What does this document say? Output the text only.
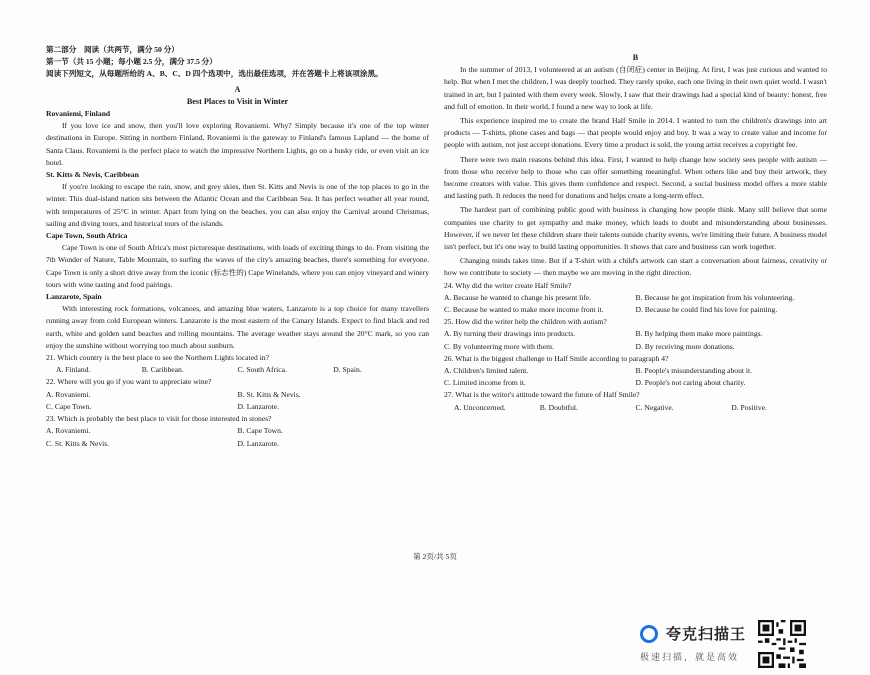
第二部分　阅读（共两节，满分 50 分）

第一节（共 15 小题；每小题 2.5 分，满分 37.5 分）

阅读下列短文，从每题所给的 A、B、C、D 四个选项中，选出最佳选项，并在答题卡上将该项涂黑。

A

Best Places to Visit in Winter

Rovaniemi, Finland

If you love ice and snow, then you'll love exploring Rovaniemi. Why? Simply because it's one of the top winter destinations in Europe. Sitting in northern Finland, Rovaniemi is the gateway to Finland's famous Lapland — the home of Santa Claus. Rovaniemi is the perfect place to watch the impressive Northern Lights, go on a husky ride, or even visit an ice hotel.

St. Kitts & Nevis, Caribbean

If you're looking to escape the rain, snow, and grey skies, then St. Kitts and Nevis is one of the top places to go in the winter. This dual-island nation sits between the Atlantic Ocean and the Caribbean Sea. It has perfect weather all year round, with temperatures of 25°C in winter. Apart from lying on the beaches, you can also enjoy the Carnival around Christmas, sailing and diving tours, and historical tours of the islands.

Cape Town, South Africa

Cape Town is one of South Africa's most picturesque destinations, with loads of exciting things to do. From visiting the 7th Wonder of Nature, Table Mountain, to surfing the waves of the city's amazing beaches, there's something for everyone. Cape Town is only a short drive away from the iconic (标志性的) Cape Winelands, where you can enjoy vineyard and winery tours with wine tasting and food pairings.

Lanzarote, Spain

With interesting rock formations, volcanoes, and amazing blue waters, Lanzarote is a top choice for many travellers running away from cold European winters. Lanzarote is the most eastern of the Canary Islands. Expect to find black and red earth, white and golden sand beaches and rolling mountains. The average weather stays around the 20°C mark, so you can enjoy the sunshine without worrying too much about sunburn.

21. Which country is the best place to see the Northern Lights located in?

A. Finland.	B. Caribbean.	C. South Africa.	D. Spain.

22. Where will you go if you want to appreciate wine?

A. Rovaniemi.	B. St. Kitts & Nevis.
C. Cape Town.	D. Lanzarote.

23. Which is probably the best place to visit for those interested in stones?

A. Rovaniemi.	B. Cape Town.
C. St. Kitts & Nevis.	D. Lanzarote.

B

In the summer of 2013, I volunteered at an autism (自闭症) center in Beijing. At first, I was just curious and wanted to help. But when I met the children, I was deeply touched. They rarely spoke, each one living in their own quiet world. I wasn't trained in art, but I painted with them every week. Slowly, I saw that their drawings had a special kind of beauty: honest, free and full of emotion. In their world, I found a new way to look at life.

This experience inspired me to create the brand Half Smile in 2014. I wanted to turn the children's drawings into art products — T-shirts, phone cases and bags — that people would enjoy and buy. It was a way to create value and income for people with autism, not just accept donations. Every time a product is sold, the young artist receives a copyright fee.

There were two main reasons behind this idea. First, I wanted to help change how society sees people with autism — from those who receive help to those who can offer something meaningful. When others like and buy their artwork, they become creators with value. This gives them confidence and respect. Second, a social business model offers a more stable and lasting path. It reduces the need for donations and helps create a long-term effect.

The hardest part of combining public good with business is changing how people think. Many still believe that some companies use charity to get sympathy and make money, which leads to doubt and misunderstanding about businesses. However, if we never let these children share their talents outside charity events, we're limiting their future. A business model isn't perfect, but it's one way to build lasting opportunities. It shows that care and business can work together.

Changing minds takes time. But if a T-shirt with a child's artwork can start a conversation about fairness, creativity or how we contribute to society — then maybe we are moving in the right direction.

24. Why did the writer create Half Smile?

A. Because he wanted to change his present life.	B. Because he got inspiration from his volunteering.
C. Because he wanted to make more income from it.	D. Because he could find his love for painting.

25. How did the writer help the children with autism?

A. By turning their drawings into products.	B. By helping them make more paintings.
C. By volunteering more with them.	D. By receiving more donations.

26. What is the biggest challenge to Half Smile according to paragraph 4?

A. Children's limited talent.	B. People's misunderstanding about it.
C. Limited income from it.	D. People's not caring about charity.

27. What is the writer's attitude toward the future of Half Smile?

A. Unconcerned.	B. Doubtful.	C. Negative.	D. Positive.
第 2页/共 5页
夸克扫描王
极速扫描，就是高效
